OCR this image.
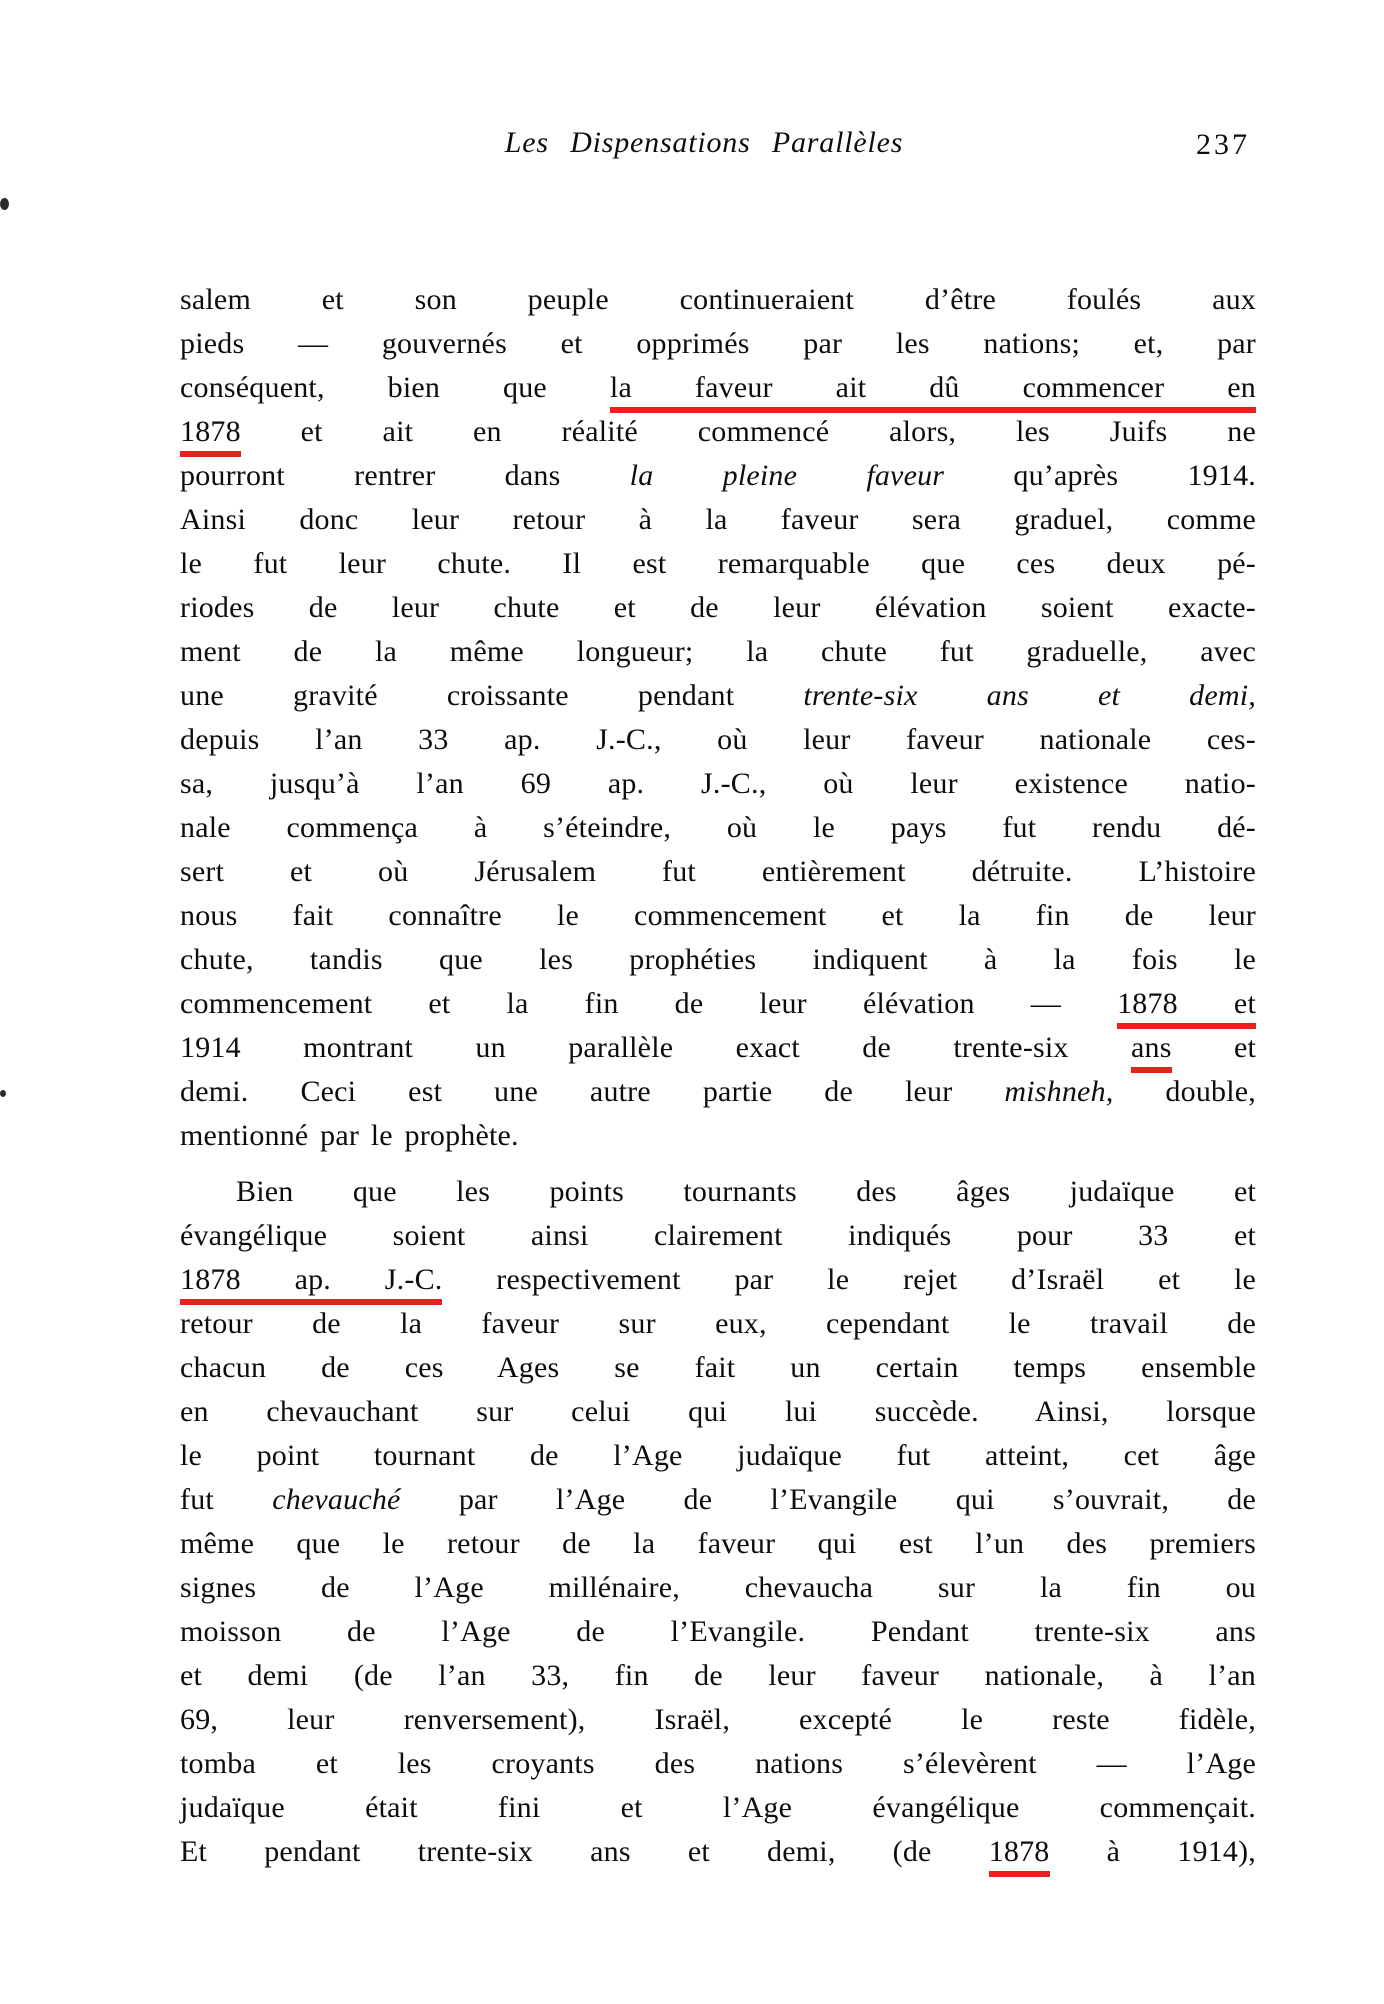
Les Dispensations Parallèles	237
salem et son peuple continueraient d’être foulés aux
pieds — gouvernés et opprimés par les nations; et, par
conséquent, bien que la faveur ait dû commencer en
1878 et ait en réalité commencé alors, les Juifs ne
pourront rentrer dans la pleine faveur qu’après 1914.
Ainsi donc leur retour à la faveur sera graduel, comme
le fut leur chute. Il est remarquable que ces deux pé-
riodes de leur chute et de leur élévation soient exacte-
ment de la même longueur; la chute fut graduelle, avec
une gravité croissante pendant trente-six ans et demi,
depuis l’an 33 ap. J.-C., où leur faveur nationale ces-
sa, jusqu’à l’an 69 ap. J.-C., où leur existence natio-
nale commença à s’éteindre, où le pays fut rendu dé-
sert et où Jérusalem fut entièrement détruite. L’histoire
nous fait connaître le commencement et la fin de leur
chute, tandis que les prophéties indiquent à la fois le
commencement et la fin de leur élévation — 1878 et
1914 montrant un parallèle exact de trente-six ans et
demi. Ceci est une autre partie de leur mishneh, double,
mentionné par le prophète.
Bien que les points tournants des âges judaïque et
évangélique soient ainsi clairement indiqués pour 33 et
1878 ap. J.-C. respectivement par le rejet d’Israël et le
retour de la faveur sur eux, cependant le travail de
chacun de ces Ages se fait un certain temps ensemble
en chevauchant sur celui qui lui succède. Ainsi, lorsque
le point tournant de l’Age judaïque fut atteint, cet âge
fut chevauché par l’Age de l’Evangile qui s’ouvrait, de
même que le retour de la faveur qui est l’un des premiers
signes de l’Age millénaire, chevaucha sur la fin ou
moisson de l’Age de l’Evangile. Pendant trente-six ans
et demi (de l’an 33, fin de leur faveur nationale, à l’an
69, leur renversement), Israël, excepté le reste fidèle,
tomba et les croyants des nations s’élevèrent — l’Age
judaïque était fini et l’Age évangélique commençait.
Et pendant trente-six ans et demi, (de 1878 à 1914),
